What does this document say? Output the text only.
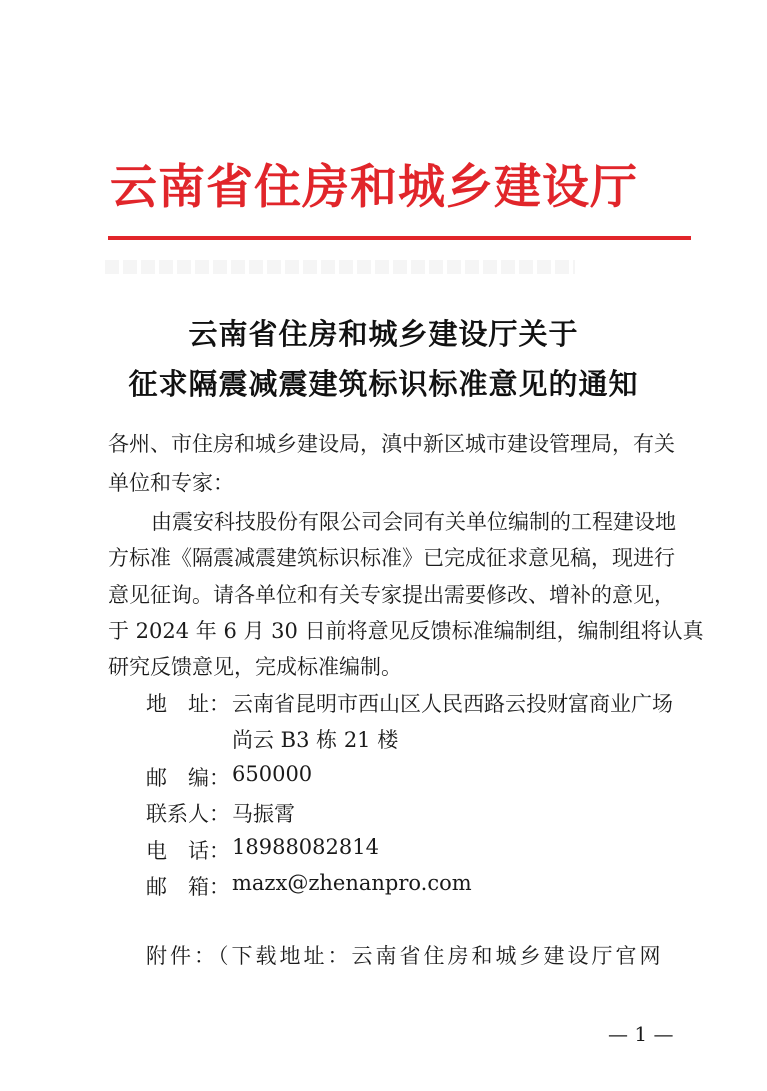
云南省住房和城乡建设厅
云南省住房和城乡建设厅关于
征求隔震减震建筑标识标准意见的通知
各州、市住房和城乡建设局，滇中新区城市建设管理局，有关
单位和专家：
由震安科技股份有限公司会同有关单位编制的工程建设地
方标准《隔震减震建筑标识标准》已完成征求意见稿，现进行
意见征询。请各单位和有关专家提出需要修改、增补的意见，
于 2024 年 6 月 30 日前将意见反馈标准编制组，编制组将认真
研究反馈意见，完成标准编制。
地　址： 云南省昆明市西山区人民西路云投财富商业广场
尚云 B3 栋 21 楼
邮　编： 650000
联系人： 马振霄
电　话： 18988082814
邮　箱： mazx@zhenanpro.com
附件：（下载地址：云南省住房和城乡建设厅官网
— 1 —
